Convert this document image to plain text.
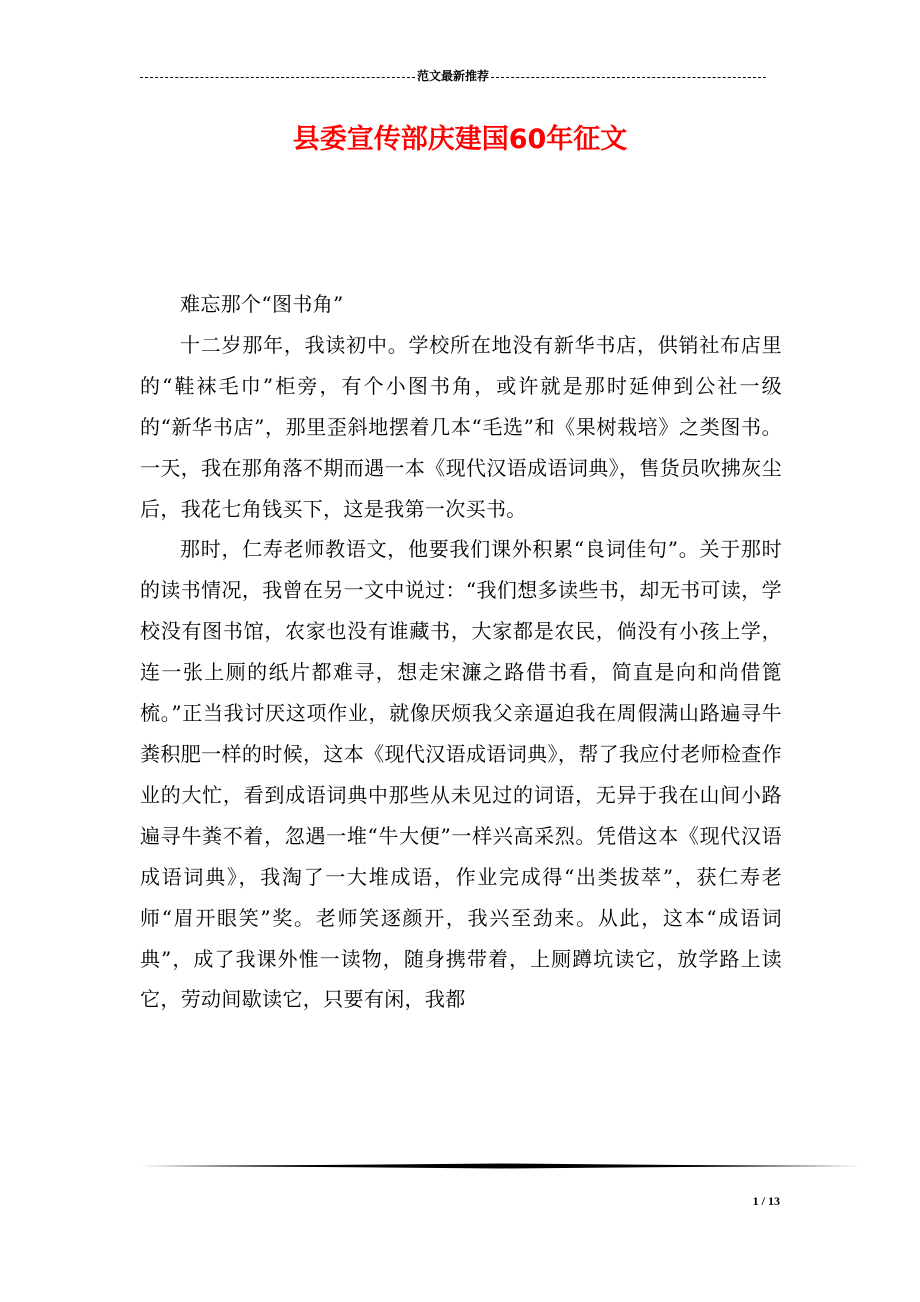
范文最新推荐
县委宣传部庆建国60年征文

难忘那个“图书角”

十二岁那年，我读初中。学校所在地没有新华书店，供销社布店里的“鞋袜毛巾”柜旁，有个小图书角，或许就是那时延伸到公社一级的“新华书店”，那里歪斜地摆着几本“毛选”和《果树栽培》之类图书。一天，我在那角落不期而遇一本《现代汉语成语词典》，售货员吹拂灰尘后，我花七角钱买下，这是我第一次买书。

那时，仁寿老师教语文，他要我们课外积累“良词佳句”。关于那时的读书情况，我曾在另一文中说过：“我们想多读些书，却无书可读，学校没有图书馆，农家也没有谁藏书，大家都是农民，倘没有小孩上学，连一张上厕的纸片都难寻，想走宋濂之路借书看，简直是向和尚借篦梳。”正当我讨厌这项作业，就像厌烦我父亲逼迫我在周假满山路遍寻牛粪积肥一样的时候，这本《现代汉语成语词典》，帮了我应付老师检查作业的大忙，看到成语词典中那些从未见过的词语，无异于我在山间小路遍寻牛粪不着，忽遇一堆“牛大便”一样兴高采烈。凭借这本《现代汉语成语词典》，我淘了一大堆成语，作业完成得“出类拔萃”，获仁寿老师“眉开眼笑”奖。老师笑逐颜开，我兴至劲来。从此，这本“成语词典”，成了我课外惟一读物，随身携带着，上厕蹲坑读它，放学路上读它，劳动间歇读它，只要有闲，我都

1 / 13
